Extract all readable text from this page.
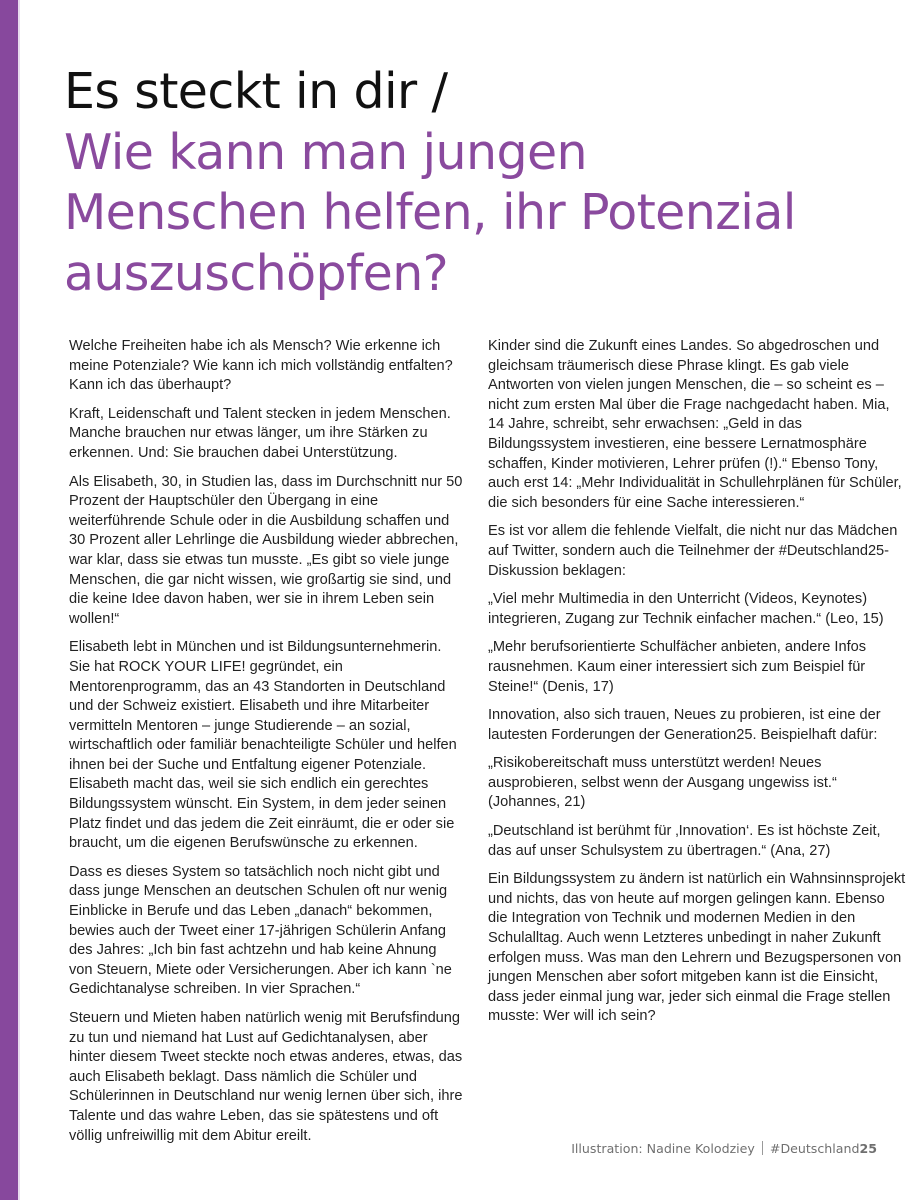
Es steckt in dir /
Wie kann man jungen
Menschen helfen, ihr Potenzial
auszuschöpfen?

Welche Freiheiten habe ich als Mensch? Wie erkenne ich meine Potenziale? Wie kann ich mich vollständig entfalten? Kann ich das überhaupt?

Kraft, Leidenschaft und Talent stecken in jedem Menschen. Manche brauchen nur etwas länger, um ihre Stärken zu erkennen. Und: Sie brauchen dabei Unterstützung.

Als Elisabeth, 30, in Studien las, dass im Durchschnitt nur 50 Prozent der Hauptschüler den Übergang in eine weiterführende Schule oder in die Ausbildung schaffen und 30 Prozent aller Lehrlinge die Ausbildung wieder abbrechen, war klar, dass sie etwas tun musste. „Es gibt so viele junge Menschen, die gar nicht wissen, wie großartig sie sind, und die keine Idee davon haben, wer sie in ihrem Leben sein wollen!“

Elisabeth lebt in München und ist Bildungsunternehmerin. Sie hat ROCK YOUR LIFE! gegründet, ein Mentorenprogramm, das an 43 Standorten in Deutschland und der Schweiz existiert. Elisabeth und ihre Mitarbeiter vermitteln Mentoren – junge Studierende – an sozial, wirtschaftlich oder familiär benachteiligte Schüler und helfen ihnen bei der Suche und Entfaltung eigener Potenziale. Elisabeth macht das, weil sie sich endlich ein gerechtes Bildungssystem wünscht. Ein System, in dem jeder seinen Platz findet und das jedem die Zeit einräumt, die er oder sie braucht, um die eigenen Berufswünsche zu erkennen.

Dass es dieses System so tatsächlich noch nicht gibt und dass junge Menschen an deutschen Schulen oft nur wenig Einblicke in Berufe und das Leben „danach“ bekommen, bewies auch der Tweet einer 17-jährigen Schülerin Anfang des Jahres: „Ich bin fast achtzehn und hab keine Ahnung von Steuern, Miete oder Versicherungen. Aber ich kann `ne Gedichtanalyse schreiben. In vier Sprachen.“

Steuern und Mieten haben natürlich wenig mit Berufsfindung zu tun und niemand hat Lust auf Gedichtanalysen, aber hinter diesem Tweet steckte noch etwas anderes, etwas, das auch Elisabeth beklagt. Dass nämlich die Schüler und Schülerinnen in Deutschland nur wenig lernen über sich, ihre Talente und das wahre Leben, das sie spätestens und oft völlig unfreiwillig mit dem Abitur ereilt.

Kinder sind die Zukunft eines Landes. So abgedroschen und gleichsam träumerisch diese Phrase klingt. Es gab viele Antworten von vielen jungen Menschen, die – so scheint es – nicht zum ersten Mal über die Frage nachgedacht haben. Mia, 14 Jahre, schreibt, sehr erwachsen: „Geld in das Bildungssystem investieren, eine bessere Lernatmosphäre schaffen, Kinder motivieren, Lehrer prüfen (!).“ Ebenso Tony, auch erst 14: „Mehr Individualität in Schullehrplänen für Schüler, die sich besonders für eine Sache interessieren.“

Es ist vor allem die fehlende Vielfalt, die nicht nur das Mädchen auf Twitter, sondern auch die Teilnehmer der #Deutschland25-Diskussion beklagen:

„Viel mehr Multimedia in den Unterricht (Videos, Keynotes) integrieren, Zugang zur Technik einfacher machen.“ (Leo, 15)

„Mehr berufsorientierte Schulfächer anbieten, andere Infos rausnehmen. Kaum einer interessiert sich zum Beispiel für Steine!“ (Denis, 17)

Innovation, also sich trauen, Neues zu probieren, ist eine der lautesten Forderungen der Generation25. Beispielhaft dafür:

„Risikobereitschaft muss unterstützt werden! Neues ausprobieren, selbst wenn der Ausgang ungewiss ist.“ (Johannes, 21)

„Deutschland ist berühmt für ‚Innovation‘. Es ist höchste Zeit, das auf unser Schulsystem zu übertragen.“ (Ana, 27)

Ein Bildungssystem zu ändern ist natürlich ein Wahnsinnsprojekt und nichts, das von heute auf morgen gelingen kann. Ebenso die Integration von Technik und modernen Medien in den Schulalltag. Auch wenn Letzteres unbedingt in naher Zukunft erfolgen muss. Was man den Lehrern und Bezugspersonen von jungen Menschen aber sofort mitgeben kann ist die Einsicht, dass jeder einmal jung war, jeder sich einmal die Frage stellen musste: Wer will ich sein?

Illustration: Nadine Kolodziey #Deutschland25
